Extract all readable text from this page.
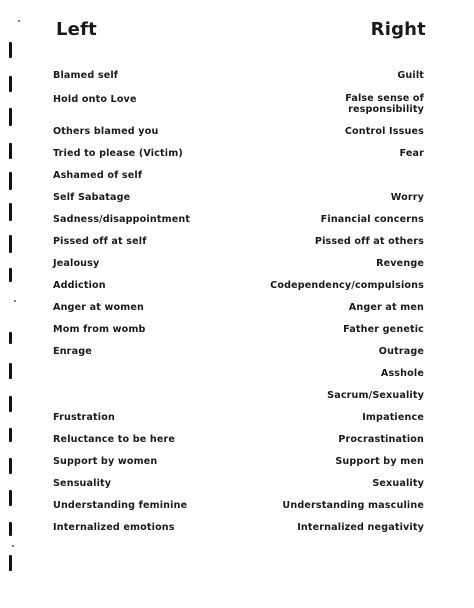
Left	Right
Blamed self
Hold onto Love
Others blamed you
Tried to please (Victim)
Ashamed of self
Self Sabatage
Sadness/disappointment
Pissed off at self
Jealousy
Addiction
Anger at women
Mom from womb
Enrage
Frustration
Reluctance to be here
Support by women
Sensuality
Understanding feminine
Internalized emotions
Guilt
False sense of
responsibility
Control Issues
Fear
Worry
Financial concerns
Pissed off at others
Revenge
Codependency/compulsions
Anger at men
Father genetic
Outrage
Asshole
Sacrum/Sexuality
Impatience
Procrastination
Support by men
Sexuality
Understanding masculine
Internalized negativity
